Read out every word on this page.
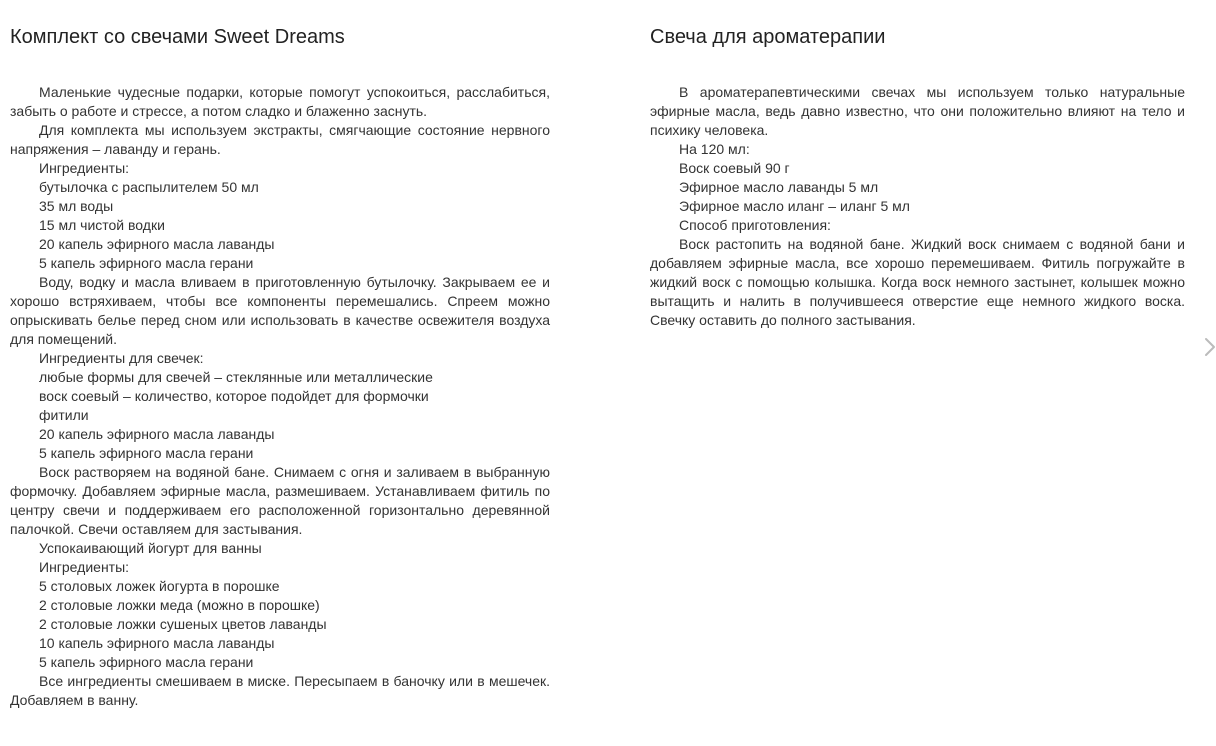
Комплект со свечами Sweet Dreams

Маленькие чудесные подарки, которые помогут успокоиться, расслабиться, забыть о работе и стрессе, а потом сладко и блаженно заснуть.

Для комплекта мы используем экстракты, смягчающие состояние нервного напряжения – лаванду и герань.

Ингредиенты:

бутылочка с распылителем 50 мл

35 мл воды

15 мл чистой водки

20 капель эфирного масла лаванды

5 капель эфирного масла герани

Воду, водку и масла вливаем в приготовленную бутылочку. Закрываем ее и хорошо встряхиваем, чтобы все компоненты перемешались. Спреем можно опрыскивать белье перед сном или использовать в качестве освежителя воздуха для помещений.

Ингредиенты для свечек:

любые формы для свечей – стеклянные или металлические

воск соевый – количество, которое подойдет для формочки

фитили

20 капель эфирного масла лаванды

5 капель эфирного масла герани

Воск растворяем на водяной бане. Снимаем с огня и заливаем в выбранную формочку. Добавляем эфирные масла, размешиваем. Устанавливаем фитиль по центру свечи и поддерживаем его расположенной горизонтально деревянной палочкой. Свечи оставляем для застывания.

Успокаивающий йогурт для ванны

Ингредиенты:

5 столовых ложек йогурта в порошке

2 столовые ложки меда (можно в порошке)

2 столовые ложки сушеных цветов лаванды

10 капель эфирного масла лаванды

5 капель эфирного масла герани

Все ингредиенты смешиваем в миске. Пересыпаем в баночку или в мешечек. Добавляем в ванну.

Свеча для ароматерапии

В ароматерапевтическими свечах мы используем только натуральные эфирные масла, ведь давно известно, что они положительно влияют на тело и психику человека.

На 120 мл:

Воск соевый 90 г

Эфирное масло лаванды 5 мл

Эфирное масло иланг – иланг 5 мл

Способ приготовления:

Воск растопить на водяной бане. Жидкий воск снимаем с водяной бани и добавляем эфирные масла, все хорошо перемешиваем. Фитиль погружайте в жидкий воск с помощью колышка. Когда воск немного застынет, колышек можно вытащить и налить в получившееся отверстие еще немного жидкого воска. Свечку оставить до полного застывания.
